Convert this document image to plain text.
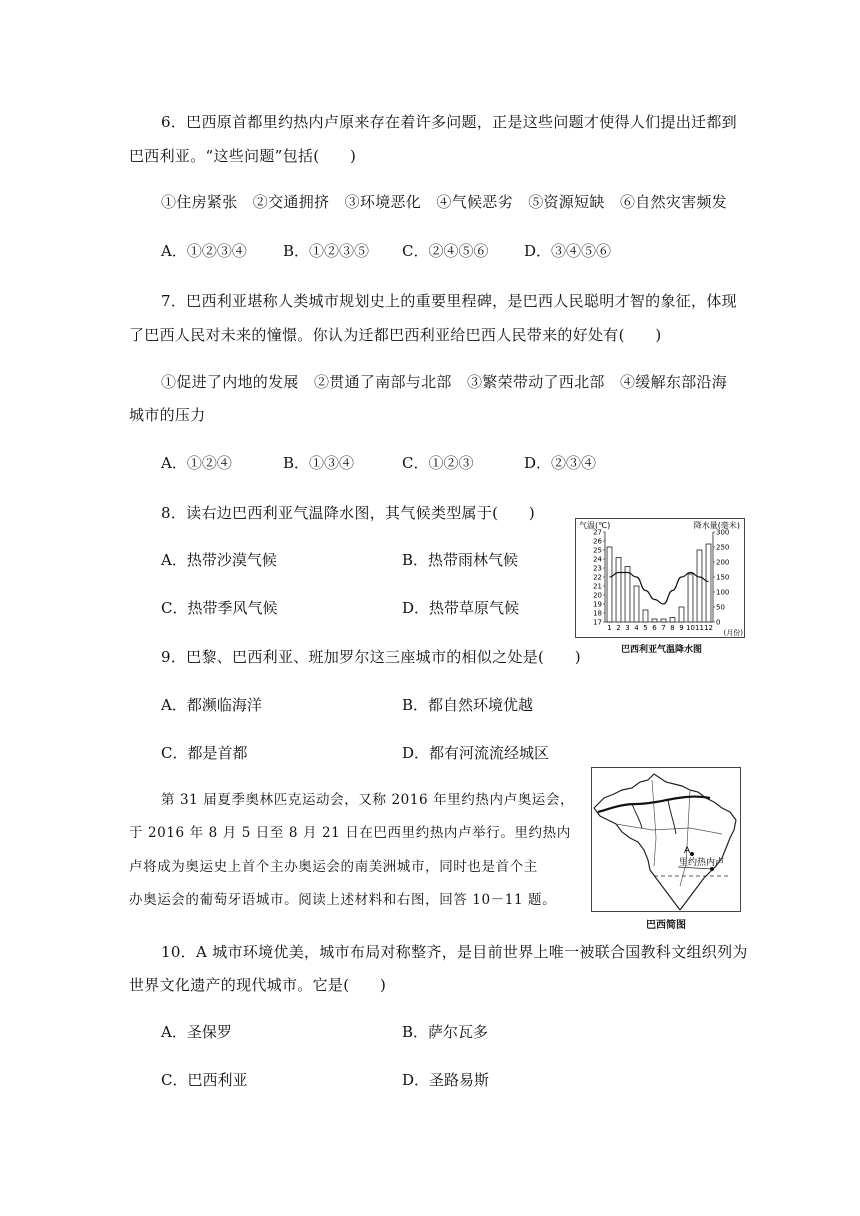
6．巴西原首都里约热内卢原来存在着许多问题，正是这些问题才使得人们提出迁都到
巴西利亚。“这些问题”包括(　　)
①住房紧张　②交通拥挤　③环境恶化　④气候恶劣　⑤资源短缺　⑥自然灾害频发
A．①②③④ B．①②③⑤ C．②④⑤⑥ D．③④⑤⑥
7．巴西利亚堪称人类城市规划史上的重要里程碑，是巴西人民聪明才智的象征，体现
了巴西人民对未来的憧憬。你认为迁都巴西利亚给巴西人民带来的好处有(　　)
①促进了内地的发展　②贯通了南部与北部　③繁荣带动了西北部　④缓解东部沿海
城市的压力
A．①②④	B．①③④	C．①②③	D．②③④
8．读右边巴西利亚气温降水图，其气候类型属于(　　)
A．热带沙漠气候	B．热带雨林气候
C．热带季风气候	D．热带草原气候
气温(℃)	降水量(毫米)
(月份)
27
26
25
24
23
22
21
20
19
18
17
300
250
200
150
100
50
0
1 2 3 4 5 6 7 8 9 10 11 12
巴西利亚气温降水图
9．巴黎、巴西利亚、班加罗尔这三座城市的相似之处是(　　)
A．都濒临海洋	B．都自然环境优越
C．都是首都	D．都有河流流经城区
第 31 届夏季奥林匹克运动会，又称 2016 年里约热内卢奥运会，
于 2016 年 8 月 5 日至 8 月 21 日在巴西里约热内卢举行。里约热内
卢将成为奥运史上首个主办奥运会的南美洲城市，同时也是首个主
办奥运会的葡萄牙语城市。阅读上述材料和右图，回答 10－11 题。
A
里约热内卢
巴西简图
10．A 城市环境优美，城市布局对称整齐，是目前世界上唯一被联合国教科文组织列为
世界文化遗产的现代城市。它是(　　)
A．圣保罗	B．萨尔瓦多
C．巴西利亚	D．圣路易斯
